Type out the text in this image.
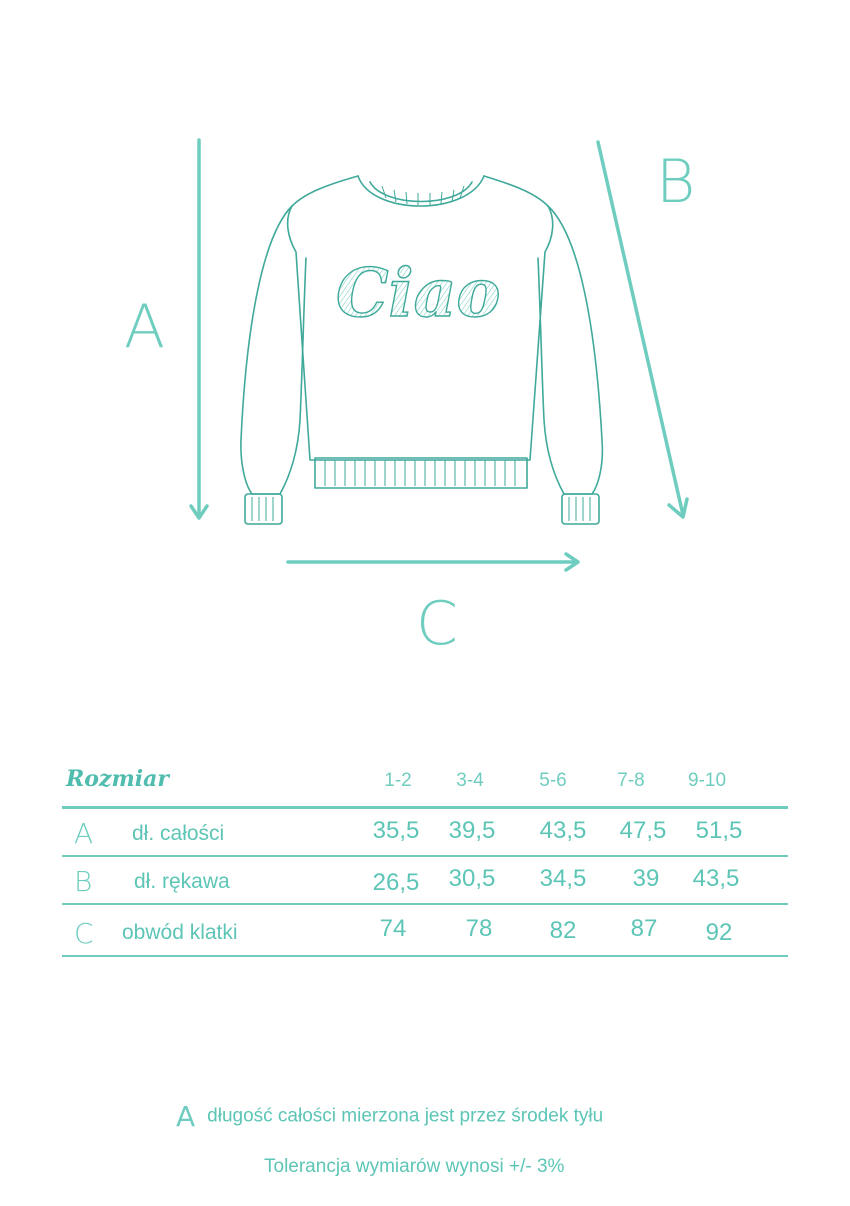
Ciao
A
B
C
Rozmiar	1-2	3-4	5-6	7-8	9-10
A dł. całości	35,5	39,5	43,5	47,5	51,5
B dł. rękawa	26,5	30,5	34,5	39	43,5
C obwód klatki	74	78	82	87	92
A długość całości mierzona jest przez środek tyłu
Tolerancja wymiarów wynosi +/- 3%
